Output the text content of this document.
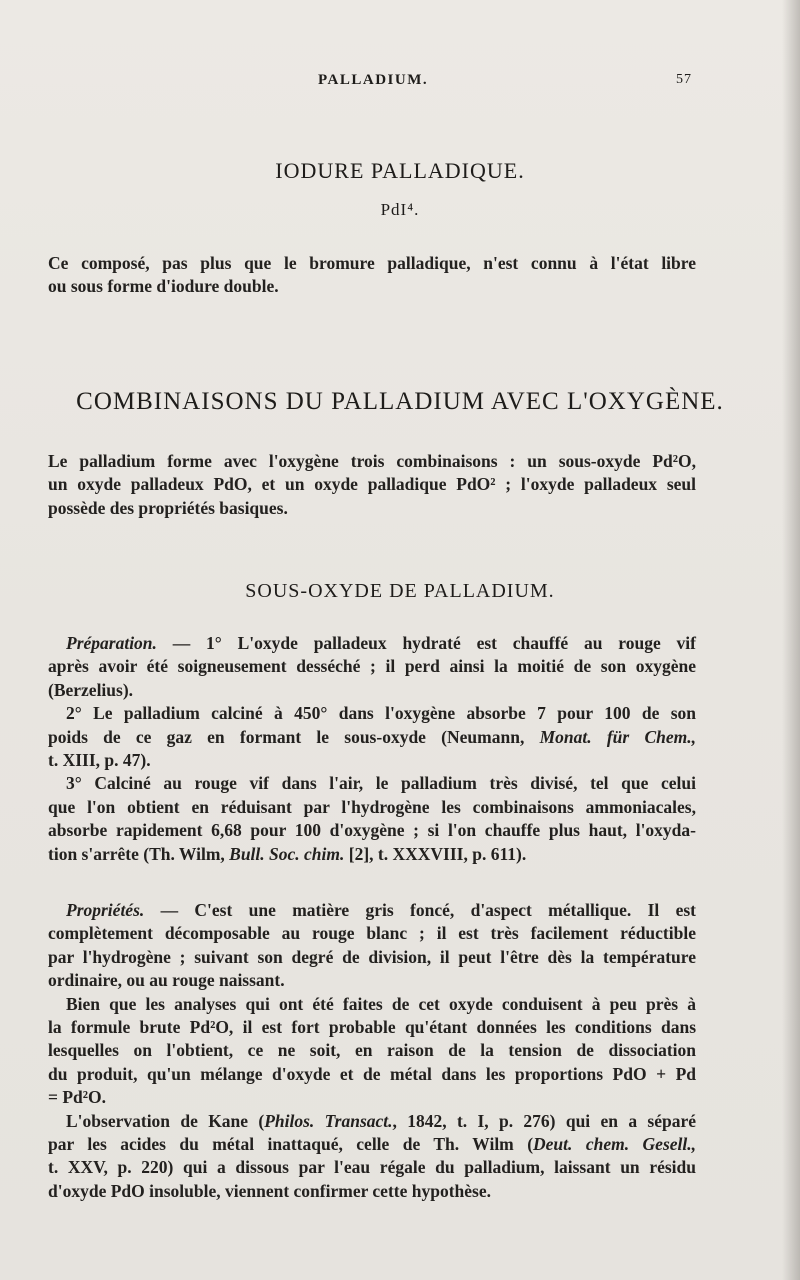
PALLADIUM.	57
IODURE PALLADIQUE.
PdI⁴.
Ce composé, pas plus que le bromure palladique, n'est connu à l'état libre
ou sous forme d'iodure double.
COMBINAISONS DU PALLADIUM AVEC L'OXYGÈNE.
Le palladium forme avec l'oxygène trois combinaisons : un sous-oxyde Pd²O,
un oxyde palladeux PdO, et un oxyde palladique PdO² ; l'oxyde palladeux seul
possède des propriétés basiques.
SOUS-OXYDE DE PALLADIUM.
Préparation. — 1° L'oxyde palladeux hydraté est chauffé au rouge vif
après avoir été soigneusement desséché ; il perd ainsi la moitié de son oxygène
(Berzelius).
2° Le palladium calciné à 450° dans l'oxygène absorbe 7 pour 100 de son
poids de ce gaz en formant le sous-oxyde (Neumann, Monat. für Chem.,
t. XIII, p. 47).
3° Calciné au rouge vif dans l'air, le palladium très divisé, tel que celui
que l'on obtient en réduisant par l'hydrogène les combinaisons ammoniacales,
absorbe rapidement 6,68 pour 100 d'oxygène ; si l'on chauffe plus haut, l'oxyda-
tion s'arrête (Th. Wilm, Bull. Soc. chim. [2], t. XXXVIII, p. 611).
Propriétés. — C'est une matière gris foncé, d'aspect métallique. Il est
complètement décomposable au rouge blanc ; il est très facilement réductible
par l'hydrogène ; suivant son degré de division, il peut l'être dès la température
ordinaire, ou au rouge naissant.
Bien que les analyses qui ont été faites de cet oxyde conduisent à peu près à
la formule brute Pd²O, il est fort probable qu'étant données les conditions dans
lesquelles on l'obtient, ce ne soit, en raison de la tension de dissociation
du produit, qu'un mélange d'oxyde et de métal dans les proportions PdO + Pd
= Pd²O.
L'observation de Kane (Philos. Transact., 1842, t. I, p. 276) qui en a séparé
par les acides du métal inattaqué, celle de Th. Wilm (Deut. chem. Gesell.,
t. XXV, p. 220) qui a dissous par l'eau régale du palladium, laissant un résidu
d'oxyde PdO insoluble, viennent confirmer cette hypothèse.
